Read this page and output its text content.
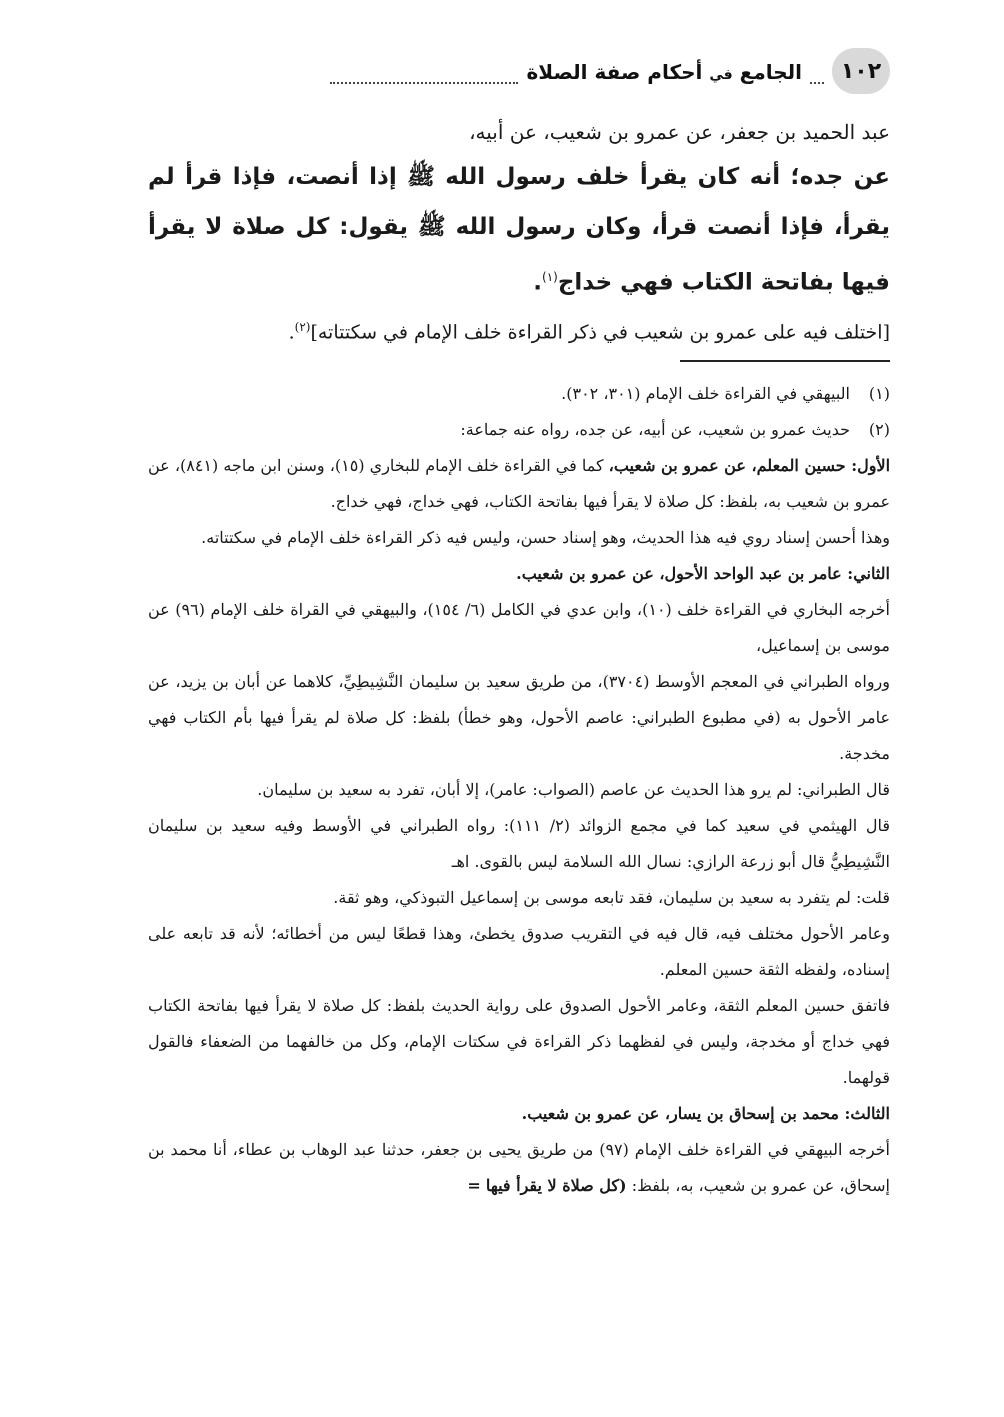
١٠٢
الجامع في أحكام صفة الصلاة
عبد الحميد بن جعفر، عن عمرو بن شعيب، عن أبيه،
عن جده؛ أنه كان يقرأ خلف رسول الله ﷺ إذا أنصت، فإذا قرأ لم يقرأ، فإذا أنصت قرأ، وكان رسول الله ﷺ يقول: كل صلاة لا يقرأ فيها بفاتحة الكتاب فهي خداج$^{(١)}$.
[اختلف فيه على عمرو بن شعيب في ذكر القراءة خلف الإمام في سكتتاته]$^{(٢)}$.
(١)
البيهقي في القراءة خلف الإمام (٣٠١، ٣٠٢).
(٢)
حديث عمرو بن شعيب، عن أبيه، عن جده، رواه عنه جماعة:

الأول: حسين المعلم، عن عمرو بن شعيب، كما في القراءة خلف الإمام للبخاري (١٥)، وسنن ابن ماجه (٨٤١)، عن عمرو بن شعيب به، بلفظ: كل صلاة لا يقرأ فيها بفاتحة الكتاب، فهي خداج، فهي خداج.

وهذا أحسن إسناد روي فيه هذا الحديث، وهو إسناد حسن، وليس فيه ذكر القراءة خلف الإمام في سكتتاته.

الثاني: عامر بن عبد الواحد الأحول، عن عمرو بن شعيب.

أخرجه البخاري في القراءة خلف (١٠)، وابن عدي في الكامل (٦/ ١٥٤)، والبيهقي في القراة خلف الإمام (٩٦) عن موسى بن إسماعيل،

ورواه الطبراني في المعجم الأوسط (٣٧٠٤)، من طريق سعيد بن سليمان النَّشِيطِيِّ، كلاهما عن أبان بن يزيد، عن عامر الأحول به (في مطبوع الطبراني: عاصم الأحول، وهو خطأ) بلفظ: كل صلاة لم يقرأ فيها بأم الكتاب فهي مخدجة.

قال الطبراني: لم يرو هذا الحديث عن عاصم (الصواب: عامر)، إلا أبان، تفرد به سعيد بن سليمان.

قال الهيثمي في سعيد كما في مجمع الزوائد (٢/ ١١١): رواه الطبراني في الأوسط وفيه سعيد بن سليمان النَّشِيطِيُّ قال أبو زرعة الرازي: نسال الله السلامة ليس بالقوى. اهـ

قلت: لم يتفرد به سعيد بن سليمان، فقد تابعه موسى بن إسماعيل التبوذكي، وهو ثقة.

وعامر الأحول مختلف فيه، قال فيه في التقريب صدوق يخطئ، وهذا قطعًا ليس من أخطائه؛ لأنه قد تابعه على إسناده، ولفظه الثقة حسين المعلم.

فاتفق حسين المعلم الثقة، وعامر الأحول الصدوق على رواية الحديث بلفظ: كل صلاة لا يقرأ فيها بفاتحة الكتاب فهي خداج أو مخدجة، وليس في لفظهما ذكر القراءة في سكتات الإمام، وكل من خالفهما من الضعفاء فالقول قولهما.

الثالث: محمد بن إسحاق بن يسار، عن عمرو بن شعيب.

أخرجه البيهقي في القراءة خلف الإمام (٩٧) من طريق يحيى بن جعفر، حدثنا عبد الوهاب بن عطاء، أنا محمد بن إسحاق، عن عمرو بن شعيب، به، بلفظ: (كل صلاة لا يقرأ فيها =
